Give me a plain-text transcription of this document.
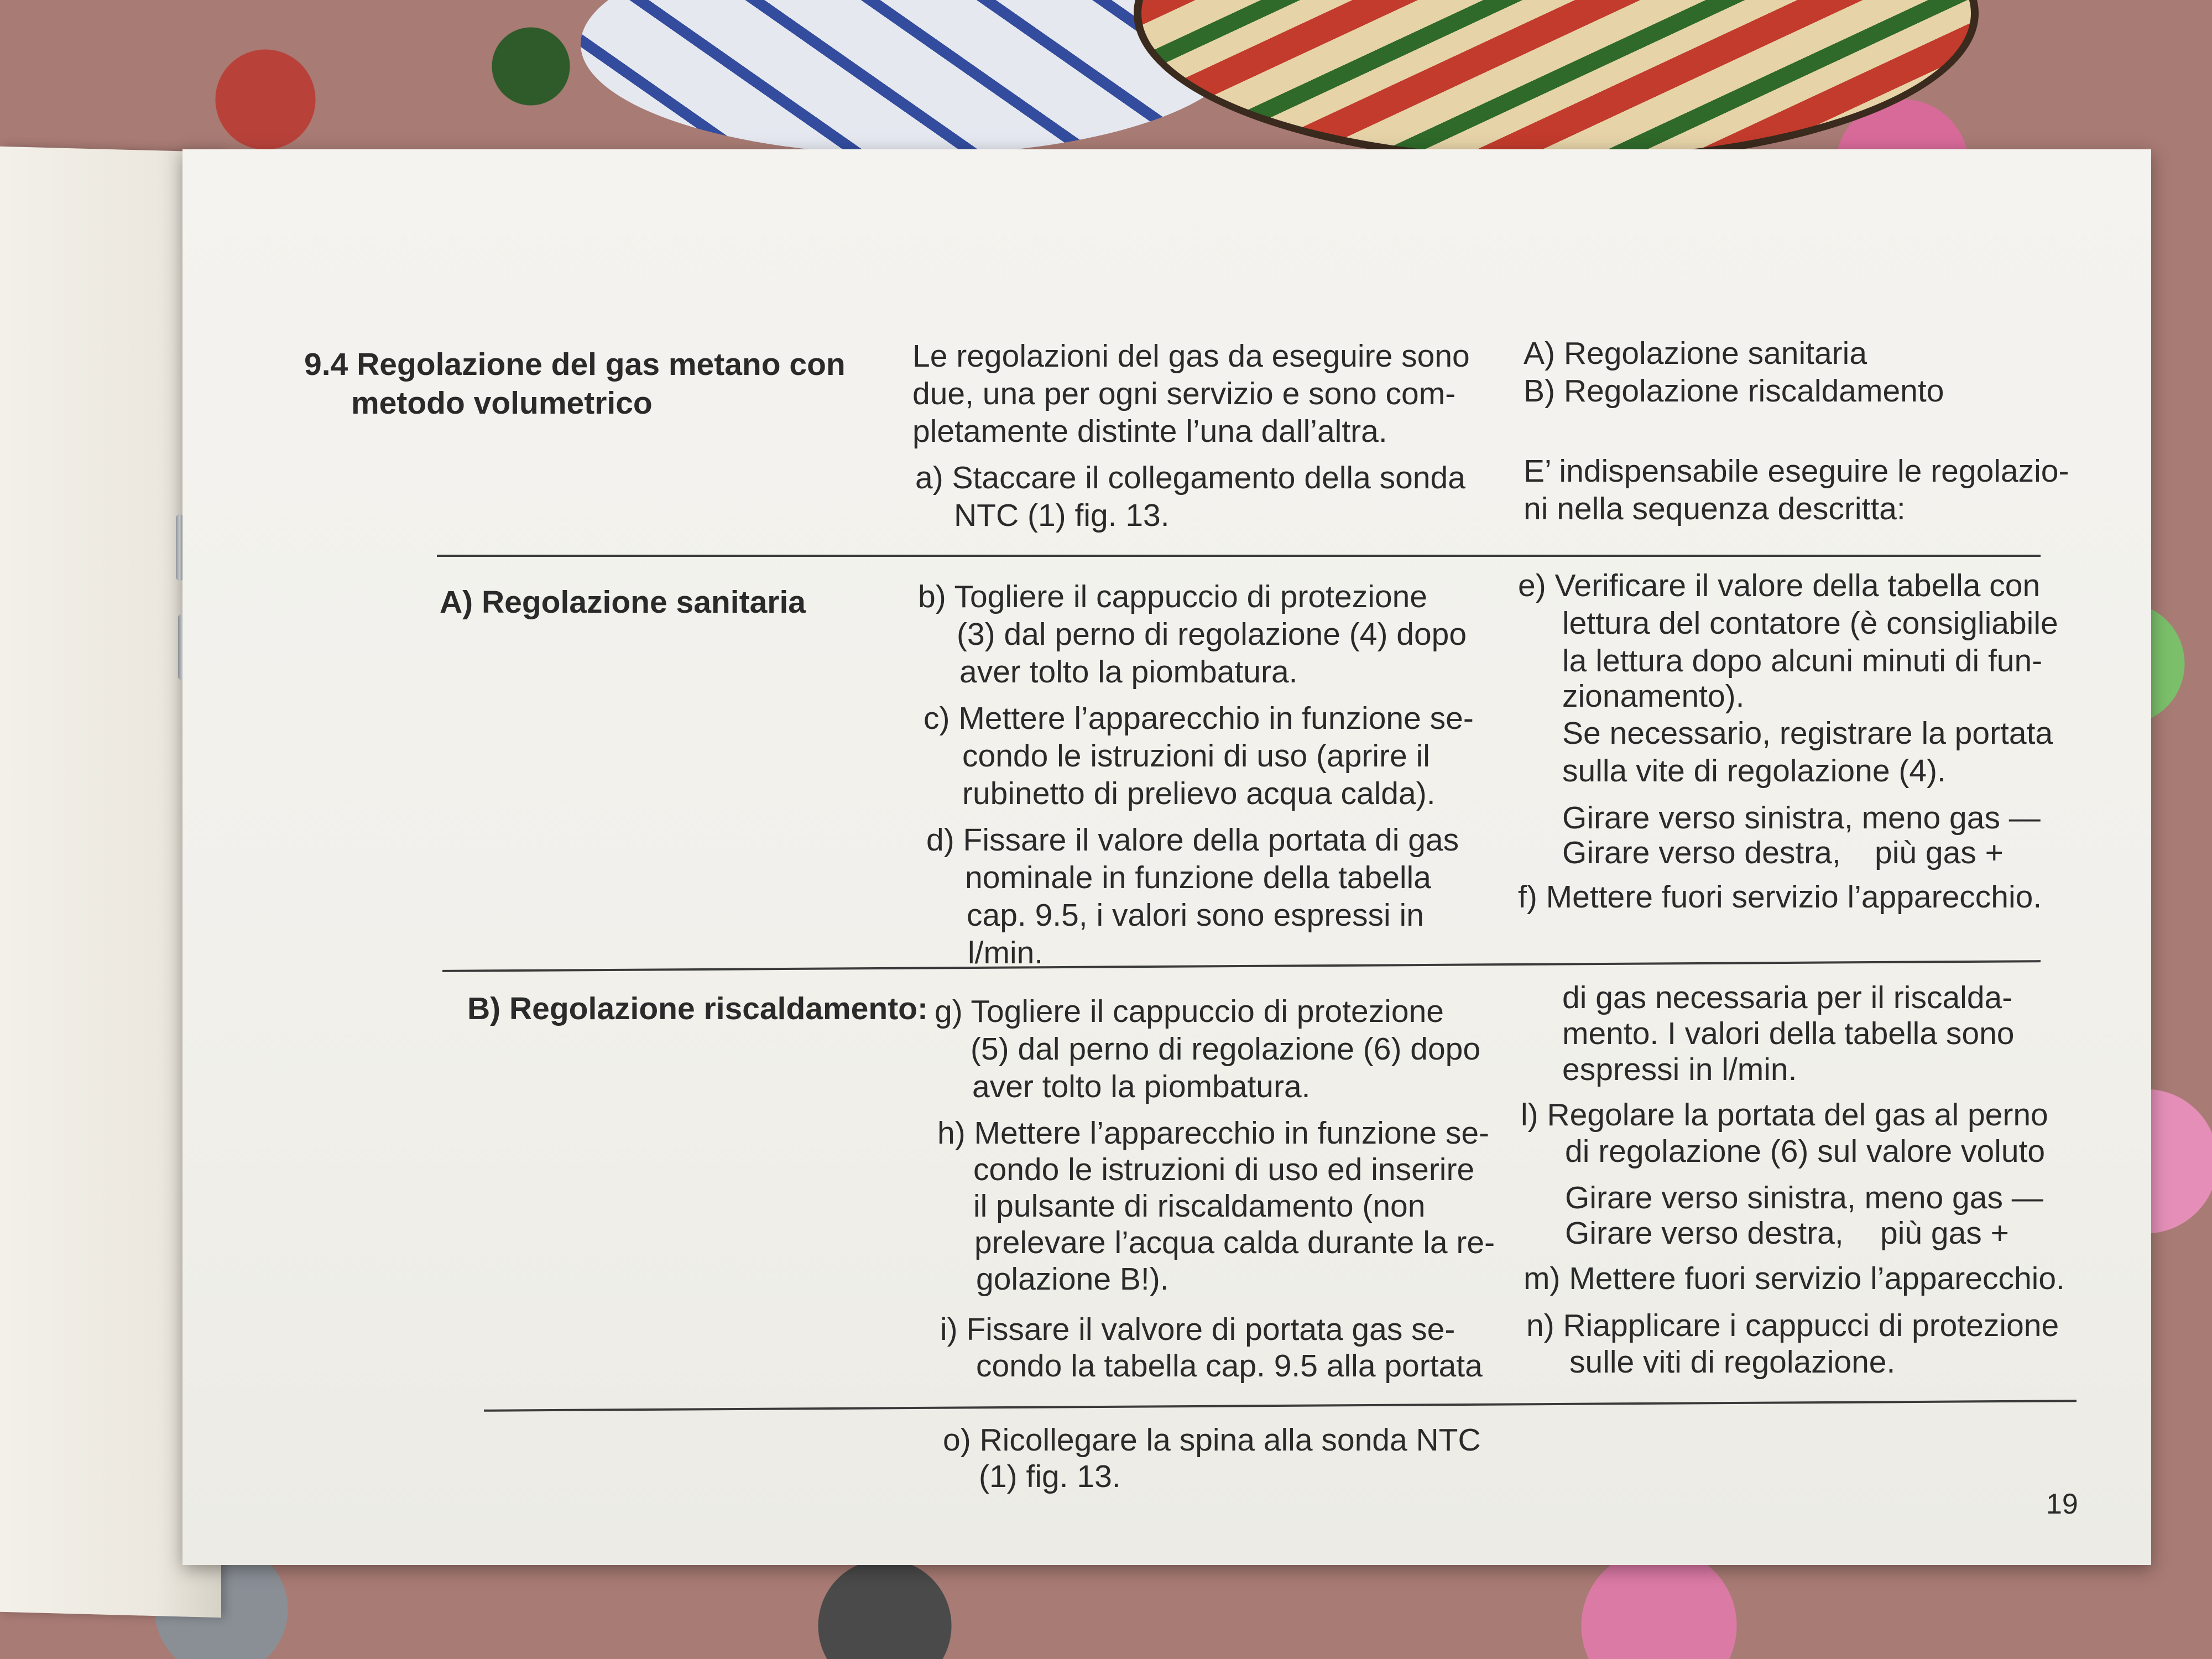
9.4 Regolazione del gas metano con
metodo volumetrico
Le regolazioni del gas da eseguire sono
due, una per ogni servizio e sono com-
pletamente distinte l’una dall’altra.
a) Staccare il collegamento della sonda
NTC (1) fig. 13.
A) Regolazione sanitaria
B) Regolazione riscaldamento
E’ indispensabile eseguire le regolazio-
ni nella sequenza descritta:
A) Regolazione sanitaria	b) Togliere il cappuccio di protezione
(3) dal perno di regolazione (4) dopo
aver tolto la piombatura.
c) Mettere l’apparecchio in funzione se-
condo le istruzioni di uso (aprire il
rubinetto di prelievo acqua calda).
d) Fissare il valore della portata di gas
nominale in funzione della tabella
cap. 9.5, i valori sono espressi in
l/min.
e) Verificare il valore della tabella con
lettura del contatore (è consigliabile
la lettura dopo alcuni minuti di fun-
zionamento).
Se necessario, registrare la portata
sulla vite di regolazione (4).
Girare verso sinistra, meno gas —
Girare verso destra, più gas +
f) Mettere fuori servizio l’apparecchio.
B) Regolazione riscaldamento: g) Togliere il cappuccio di protezione
(5) dal perno di regolazione (6) dopo
aver tolto la piombatura.
h) Mettere l’apparecchio in funzione se-
condo le istruzioni di uso ed inserire
il pulsante di riscaldamento (non
prelevare l’acqua calda durante la re-
golazione B!).
i) Fissare il valvore di portata gas se-
condo la tabella cap. 9.5 alla portata
di gas necessaria per il riscalda-
mento. I valori della tabella sono
espressi in l/min.
l) Regolare la portata del gas al perno
di regolazione (6) sul valore voluto
Girare verso sinistra, meno gas —
Girare verso destra, più gas +
m) Mettere fuori servizio l’apparecchio.
n) Riapplicare i cappucci di protezione
sulle viti di regolazione.
o) Ricollegare la spina alla sonda NTC
(1) fig. 13.
19
